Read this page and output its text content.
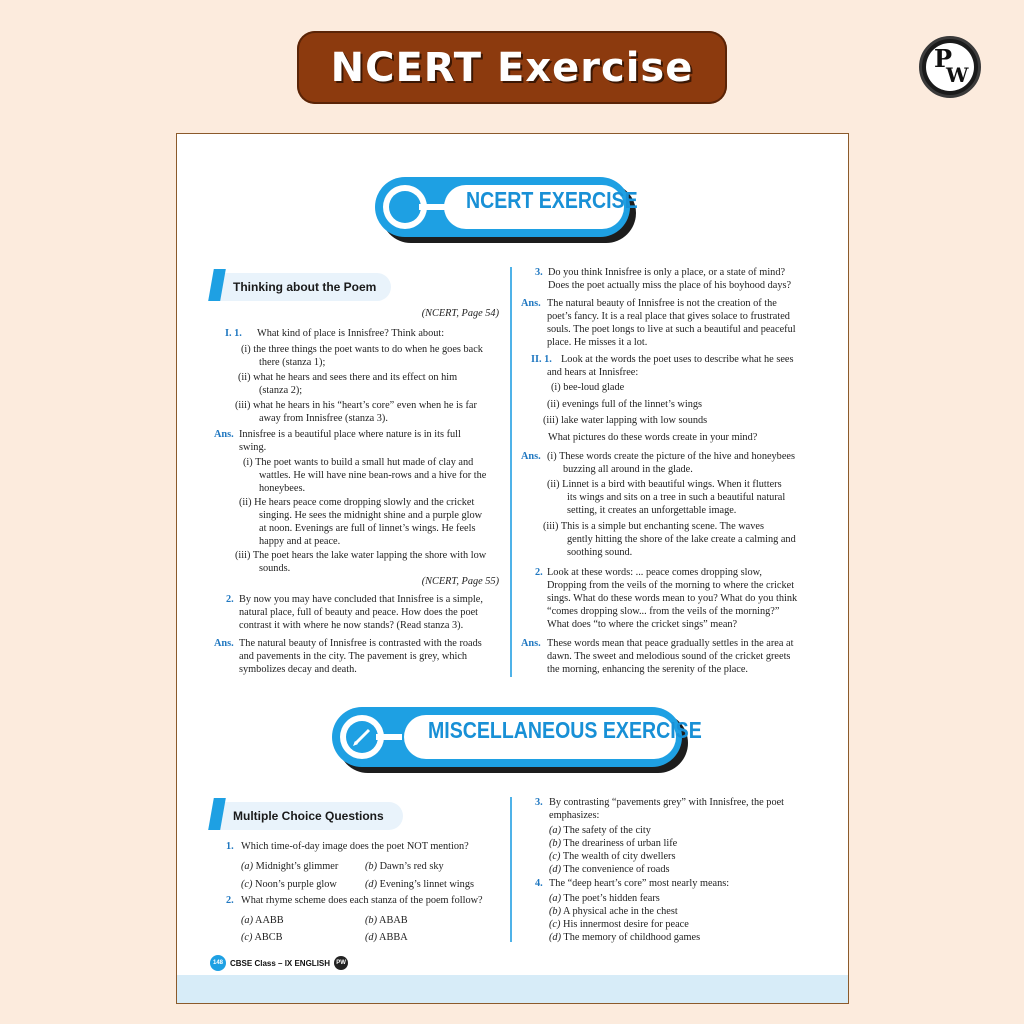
NCERT Exercise	P
W
NCERT EXERCISE
Thinking about the Poem
(NCERT, Page 54)
I. 1. What kind of place is Innisfree? Think about:
(i) the three things the poet wants to do when he goes back
there (stanza 1);
(ii) what he hears and sees there and its effect on him
(stanza 2);
(iii) what he hears in his “heart’s core” even when he is far
away from Innisfree (stanza 3).
Ans. Innisfree is a beautiful place where nature is in its full
swing.
(i) The poet wants to build a small hut made of clay and
wattles. He will have nine bean-rows and a hive for the
honeybees.
(ii) He hears peace come dropping slowly and the cricket
singing. He sees the midnight shine and a purple glow
at noon. Evenings are full of linnet’s wings. He feels
happy and at peace.
(iii) The poet hears the lake water lapping the shore with low
sounds.
(NCERT, Page 55)
2. By now you may have concluded that Innisfree is a simple,
natural place, full of beauty and peace. How does the poet
contrast it with where he now stands? (Read stanza 3).
Ans. The natural beauty of Innisfree is contrasted with the roads
and pavements in the city. The pavement is grey, which
symbolizes decay and death.
3. Do you think Innisfree is only a place, or a state of mind?
Does the poet actually miss the place of his boyhood days?
Ans. The natural beauty of Innisfree is not the creation of the
poet’s fancy. It is a real place that gives solace to frustrated
souls. The poet longs to live at such a beautiful and peaceful
place. He misses it a lot.
II. 1. Look at the words the poet uses to describe what he sees
and hears at Innisfree:
(i) bee-loud glade
(ii) evenings full of the linnet’s wings
(iii) lake water lapping with low sounds
What pictures do these words create in your mind?
Ans. (i) These words create the picture of the hive and honeybees
buzzing all around in the glade.
(ii) Linnet is a bird with beautiful wings. When it flutters
its wings and sits on a tree in such a beautiful natural
setting, it creates an unforgettable image.
(iii) This is a simple but enchanting scene. The waves
gently hitting the shore of the lake create a calming and
soothing sound.
2. Look at these words: ... peace comes dropping slow,
Dropping from the veils of the morning to where the cricket
sings. What do these words mean to you? What do you think
“comes dropping slow... from the veils of the morning?”
What does “to where the cricket sings” mean?
Ans. These words mean that peace gradually settles in the area at
dawn. The sweet and melodious sound of the cricket greets
the morning, enhancing the serenity of the place.
MISCELLANEOUS EXERCISE
Multiple Choice Questions
1. Which time-of-day image does the poet NOT mention?
(a) Midnight’s glimmer	(b) Dawn’s red sky
(c) Noon’s purple glow	(d) Evening’s linnet wings
2. What rhyme scheme does each stanza of the poem follow?
(a) AABB	(b) ABAB
(c) ABCB	(d) ABBA
3. By contrasting “pavements grey” with Innisfree, the poet
emphasizes:
(a) The safety of the city
(b) The dreariness of urban life
(c) The wealth of city dwellers
(d) The convenience of roads
4. The “deep heart’s core” most nearly means:
(a) The poet’s hidden fears
(b) A physical ache in the chest
(c) His innermost desire for peace
(d) The memory of childhood games
148 CBSE Class – IX ENGLISH	PW
